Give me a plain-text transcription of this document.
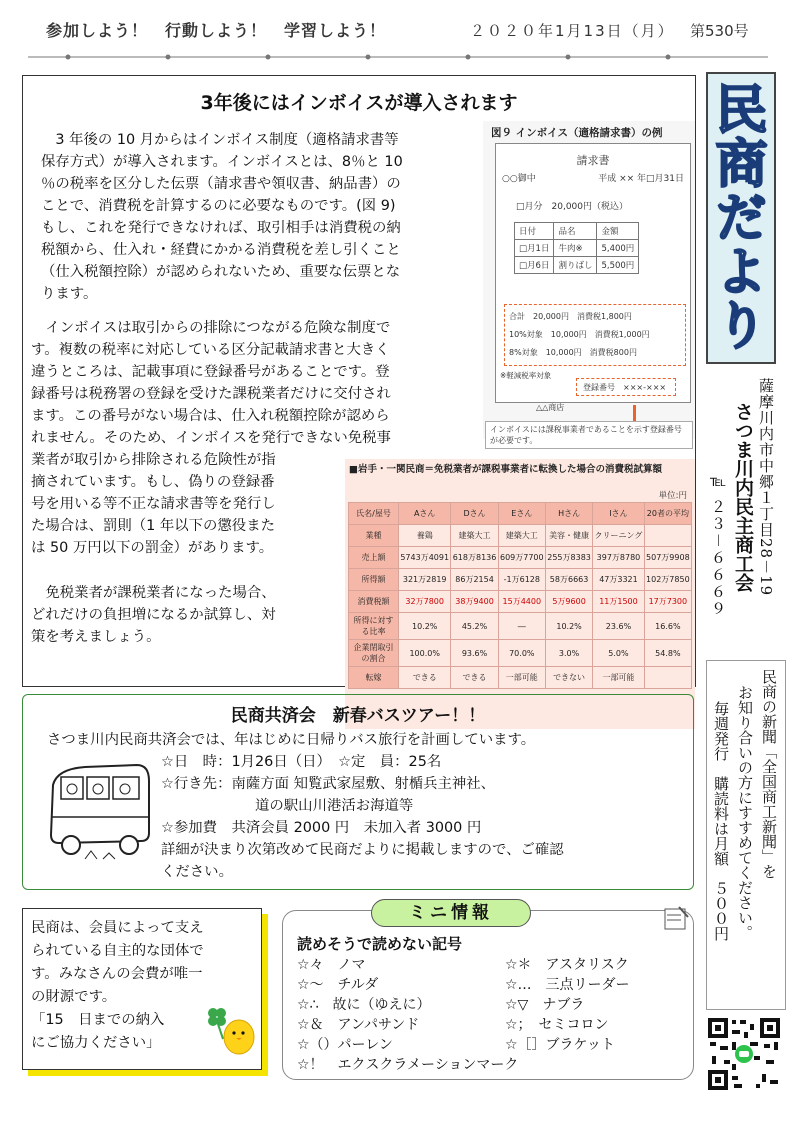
参加しよう！　行動しよう！　学習しよう！	２０２０年1月13日（月） 第530号
3年後にはインボイスが導入されます
　3 年後の 10 月からはインボイス制度（適格請求書等
保存方式）が導入されます。インボイスとは、8％と 10
％の税率を区分した伝票（請求書や領収書、納品書）の
ことで、消費税を計算するのに必要なものです。(図 9)
もし、これを発行できなければ、取引相手は消費税の納
税額から、仕入れ・経費にかかる消費税を差し引くこと
（仕入税額控除）が認められないため、重要な伝票とな
ります。
　インボイスは取引からの排除につながる危険な制度で
す。複数の税率に対応している区分記載請求書と大きく
違うところは、記載事項に登録番号があることです。登
録番号は税務署の登録を受けた課税業者だけに交付され
ます。この番号がない場合は、仕入れ税額控除が認めら
れません。そのため、インボイスを発行できない免税事
業者が取引から排除される危険性が指
摘されています。もし、偽りの登録番
号を用いる等不正な請求書等を発行し
た場合は、罰則（1 年以下の懲役また
は 50 万円以下の罰金）があります。
　免税業者が課税業者になった場合、
どれだけの負担増になるか試算し、対
策を考えましょう。
図９ インボイス（適格請求書）の例
請求書
○○御中	平成 ×× 年□月31日
□月分　20,000円（税込）
日付	品名	金額
□月1日	牛肉※	5,400円
□月6日	割りばし	5,500円
合計　20,000円　消費税1,800円
10%対象　10,000円　消費税1,000円
8%対象　10,000円　消費税800円
※軽減税率対象
登録番号　×××-×××
△△商店
インボイスには課税事業者であることを示す登録番号が必要です。
■岩手・一関民商＝免税業者が課税事業者に転換した場合の消費税試算額
単位:円
氏名/屋号	Aさん	Dさん	Eさん	Hさん	Iさん	20者の平均
業種	養鶏	建築大工	建築大工	美容・健康	クリーニング	
売上額	5743万4091	618万8136	609万7700	255万8383	397万8780	507万9908
所得額	321万2819	86万2154	-1万6128	58万6663	47万3321	102万7850
消費税額	32万7800	38万9400	15万4400	5万9600	11万1500	17万7300
所得に対する比率	10.2%	45.2%	―	10.2%	23.6%	16.6%
企業閉取引の割合	100.0%	93.6%	70.0%	3.0%	5.0%	54.8%
転嫁	できる	できる	一部可能	できない	一部可能	
民商だより
薩摩川内市中郷１丁目28－19
さつま川内民主商工会
℡ ２３－６６６９
民商の新聞「全国商工新聞」を
お知り合いの方にすすめてください。
毎週発行　購読料は月額　５００円
民商共済会　新春バスツアー！！
さつま川内民商共済会では、年はじめに日帰りバス旅行を計画しています。
☆日　時：1月26日（日）　☆定　員：25名
☆行き先：南薩方面 知覧武家屋敷、射楯兵主神社、
道の駅山川港活お海道等
☆参加費　共済会員 2000 円　未加入者 3000 円
詳細が決まり次第改めて民商だよりに掲載しますので、ご確認
ください。
民商は、会員によって支え
られている自主的な団体で
す。みなさんの会費が唯一
の財源です。
「15　日までの納入
にご協力ください」
ミニ情報
読めそうで読めない記号
☆々　ノマ
☆～　チルダ
☆∴　故に（ゆえに）
☆＆　アンパサンド
☆（）パーレン
☆！　エクスクラメーションマーク
☆＊　アスタリスク
☆…　三点リーダー
☆▽　ナブラ
☆；　セミコロン
☆［］ブラケット
